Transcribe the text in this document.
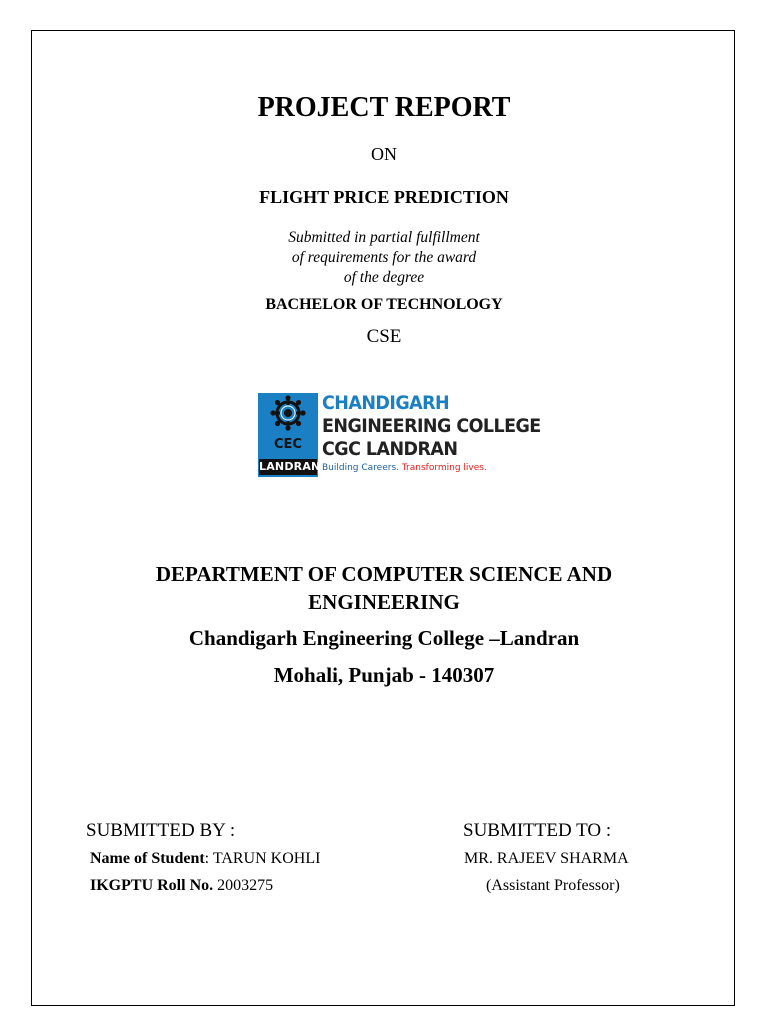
PROJECT REPORT
ON
FLIGHT PRICE PREDICTION
Submitted in partial fulfillment
of requirements for the award
of the degree
BACHELOR OF TECHNOLOGY
CSE
CEC
LANDRAN
CHANDIGARH
ENGINEERING COLLEGE
CGC LANDRAN
Building Careers. Transforming lives.
DEPARTMENT OF COMPUTER SCIENCE AND
ENGINEERING
Chandigarh Engineering College –Landran
Mohali, Punjab - 140307
SUBMITTED BY :	SUBMITTED TO :
Name of Student: TARUN KOHLI
IKGPTU Roll No. 2003275
MR. RAJEEV SHARMA
(Assistant Professor)
